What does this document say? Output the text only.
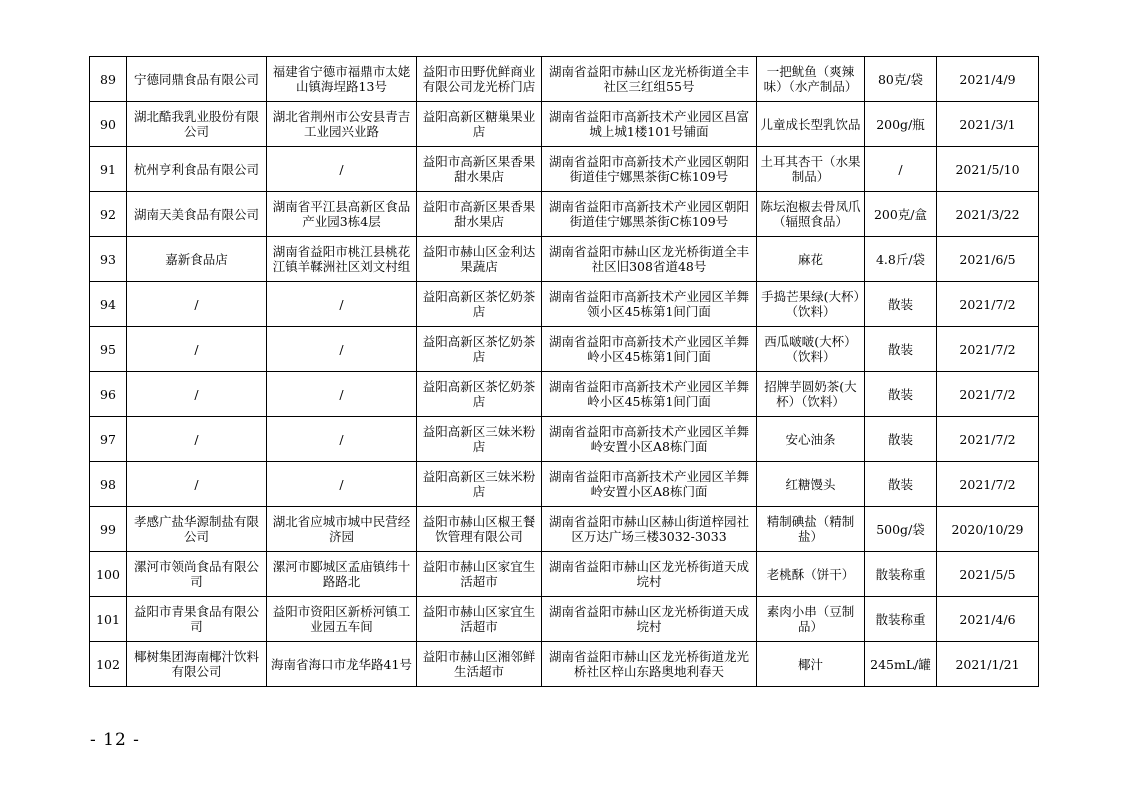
89	宁德同鼎食品有限公司	福建省宁德市福鼎市太姥山镇海埕路13号	益阳市田野优鲜商业有限公司龙光桥门店	湖南省益阳市赫山区龙光桥街道全丰社区三红组55号	一把鱿鱼（爽辣味）（水产制品）	80克/袋	2021/4/9
90	湖北酷我乳业股份有限公司	湖北省荆州市公安县青吉工业园兴业路	益阳高新区糖巢果业店	湖南省益阳市高新技术产业园区昌富城上城1楼101号铺面	儿童成长型乳饮品	200g/瓶	2021/3/1
91	杭州亨利食品有限公司	/	益阳市高新区果香果甜水果店	湖南省益阳市高新技术产业园区朝阳街道佳宁娜黑茶街C栋109号	土耳其杏干（水果制品）	/	2021/5/10
92	湖南天美食品有限公司	湖南省平江县高新区食品产业园3栋4层	益阳市高新区果香果甜水果店	湖南省益阳市高新技术产业园区朝阳街道佳宁娜黑茶街C栋109号	陈坛泡椒去骨凤爪（辐照食品）	200克/盒	2021/3/22
93	嘉新食品店	湖南省益阳市桃江县桃花江镇羊鞣洲社区刘文村组	益阳市赫山区金利达果蔬店	湖南省益阳市赫山区龙光桥街道全丰社区旧308省道48号	麻花	4.8斤/袋	2021/6/5
94	/	/	益阳高新区茶忆奶茶店	湖南省益阳市高新技术产业园区羊舞领小区45栋第1间门面	手捣芒果绿(大杯）（饮料）	散装	2021/7/2
95	/	/	益阳高新区茶忆奶茶店	湖南省益阳市高新技术产业园区羊舞岭小区45栋第1间门面	西瓜啵啵(大杯）（饮料）	散装	2021/7/2
96	/	/	益阳高新区茶忆奶茶店	湖南省益阳市高新技术产业园区羊舞岭小区45栋第1间门面	招牌芋圆奶茶(大杯）（饮料）	散装	2021/7/2
97	/	/	益阳高新区三妹米粉店	湖南省益阳市高新技术产业园区羊舞岭安置小区A8栋门面	安心油条	散装	2021/7/2
98	/	/	益阳高新区三妹米粉店	湖南省益阳市高新技术产业园区羊舞岭安置小区A8栋门面	红糖馒头	散装	2021/7/2
99	孝感广盐华源制盐有限公司	湖北省应城市城中民营经济园	益阳市赫山区椒王餐饮管理有限公司	湖南省益阳市赫山区赫山街道梓园社区万达广场三楼3032-3033	精制碘盐（精制盐）	500g/袋	2020/10/29
100	漯河市领尚食品有限公司	漯河市郾城区孟庙镇纬十路路北	益阳市赫山区家宜生活超市	湖南省益阳市赫山区龙光桥街道天成垸村	老桃酥（饼干）	散装称重	2021/5/5
101	益阳市青果食品有限公司	益阳市资阳区新桥河镇工业园五车间	益阳市赫山区家宜生活超市	湖南省益阳市赫山区龙光桥街道天成垸村	素肉小串（豆制品）	散装称重	2021/4/6
102	椰树集团海南椰汁饮料有限公司	海南省海口市龙华路41号	益阳市赫山区湘邻鲜生活超市	湖南省益阳市赫山区龙光桥街道龙光桥社区梓山东路奥地利春天	椰汁	245mL/罐	2021/1/21
- 12 -
